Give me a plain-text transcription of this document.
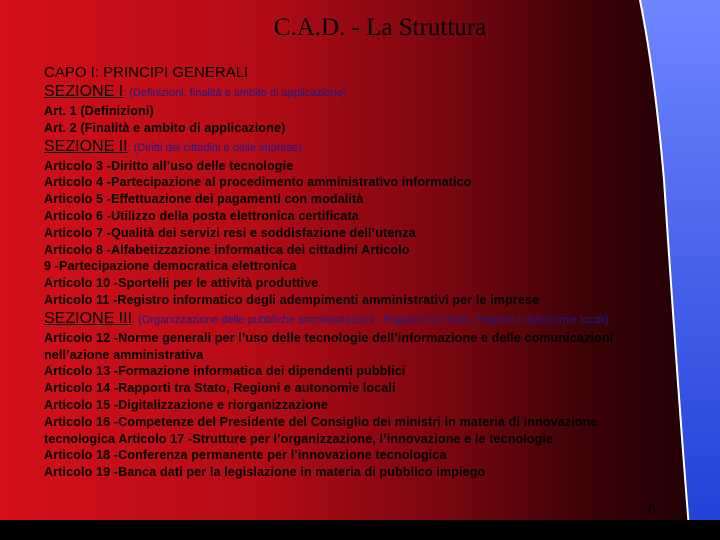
C.A.D. - La Struttura

CAPO I: PRINCIPI GENERALI

SEZIONE I: (Definizioni, finalità e ambito di applicazione)

Art. 1 (Definizioni)
Art. 2 (Finalità e ambito di applicazione)

SEZIONE II: (Diritti dei cittadini e delle imprese)

Articolo 3 -Diritto all’uso delle tecnologie
Articolo 4 -Partecipazione al procedimento amministrativo informatico
Articolo 5 -Effettuazione dei pagamenti con modalità
Articolo 6 -Utilizzo della posta elettronica certificata
Articolo 7 -Qualità dei servizi resi e soddisfazione dell’utenza
Articolo 8 -Alfabetizzazione informatica dei cittadini Articolo
9 -Partecipazione democratica elettronica
Articolo 10 -Sportelli per le attività produttive
Articolo 11 -Registro informatico degli adempimenti amministrativi per le imprese

SEZIONE III: (Organizzazione delle pubbliche amministrazioni - Rapporti fra Stato, Regioni e autonomie locali)

Articolo 12 -Norme generali per l’uso delle tecnologie dell’informazione e delle comunicazioni nell’azione amministrativa
Articolo 13 -Formazione informatica dei dipendenti pubblici
Articolo 14 -Rapporti tra Stato, Regioni e autonomie locali
Articolo 15 -Digitalizzazione e riorganizzazione
Articolo 16 -Competenze del Presidente del Consiglio dei ministri in materia di innovazione tecnologica Articolo 17 -Strutture per l’organizzazione, l’innovazione e le tecnologie
Articolo 18 -Conferenza permanente per l’innovazione tecnologica
Articolo 19 -Banca dati per la legislazione in materia di pubblico impiego
6
